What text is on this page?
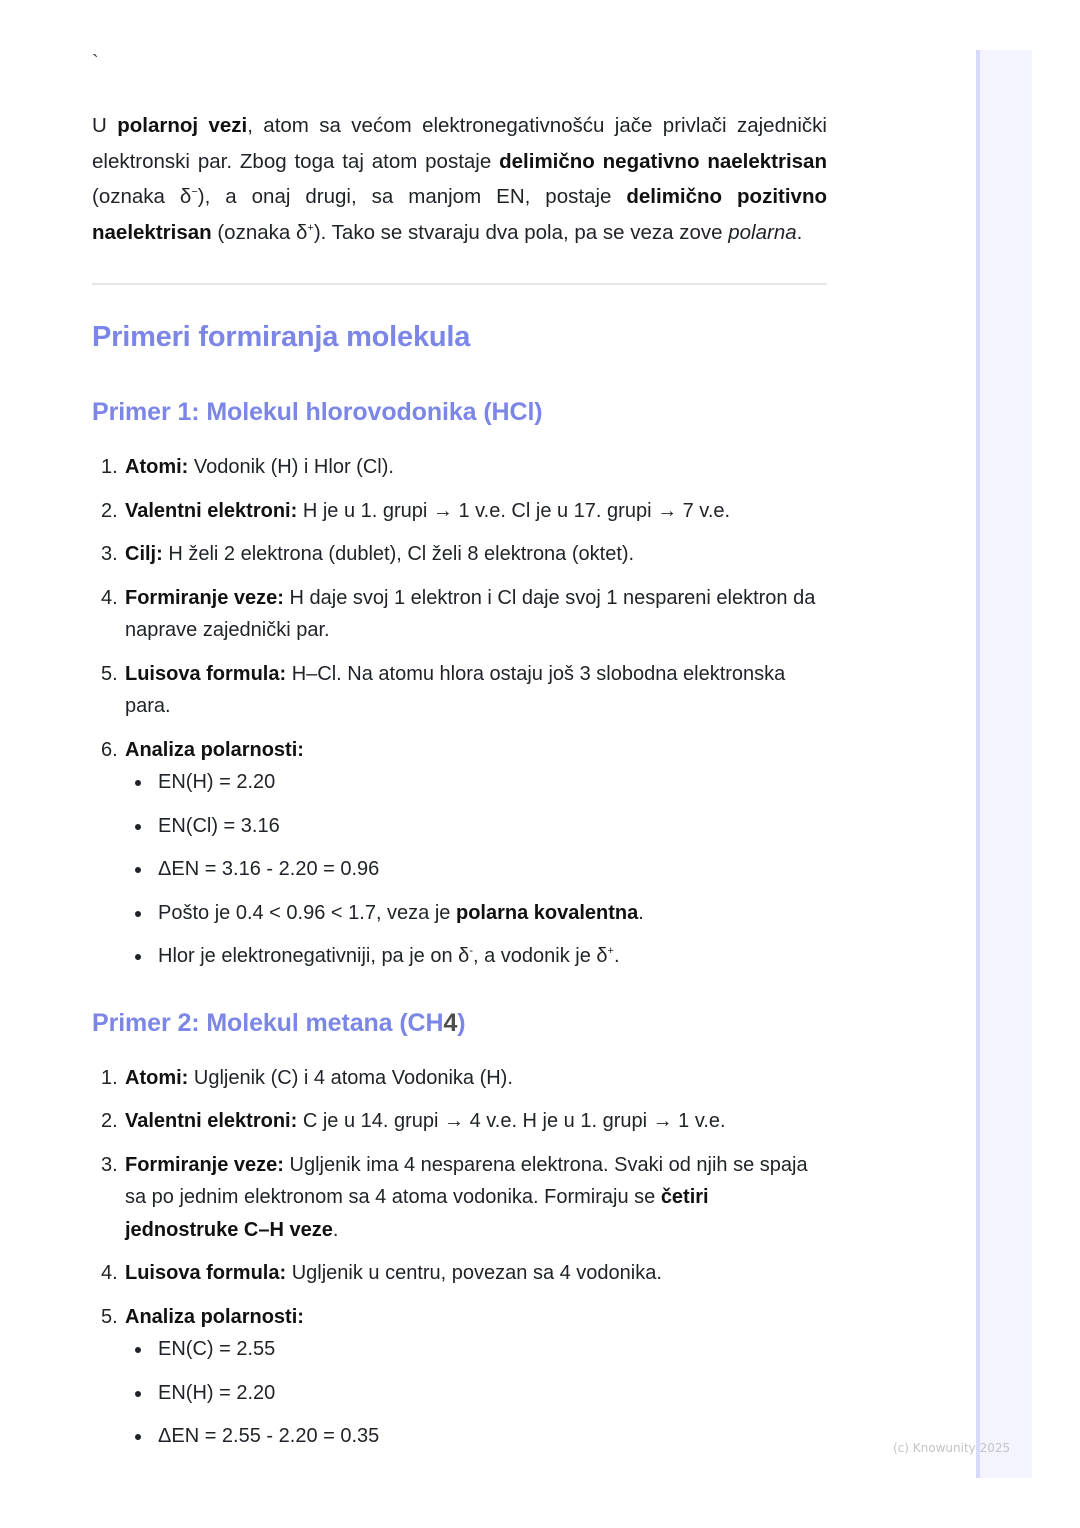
`

U polarnoj vezi, atom sa većom elektronegativnošću jače privlači zajednički elektronski par. Zbog toga taj atom postaje delimično negativno naelektrisan (oznaka δ−), a onaj drugi, sa manjom EN, postaje delimično pozitivno naelektrisan (oznaka δ+). Tako se stvaraju dva pola, pa se veza zove polarna.

Primeri formiranja molekula
Primer 1: Molekul hlorovodonika (HCl)
1. Atomi: Vodonik (H) i Hlor (Cl).
2. Valentni elektroni: H je u 1. grupi → 1 v.e. Cl je u 17. grupi → 7 v.e.
3. Cilj: H želi 2 elektrona (dublet), Cl želi 8 elektrona (oktet).
4. Formiranje veze: H daje svoj 1 elektron i Cl daje svoj 1 nespareni elektron da naprave zajednički par.
5. Luisova formula: H–Cl. Na atomu hlora ostaju još 3 slobodna elektronska para.
6. Analiza polarnosti:
EN(H) = 2.20
EN(Cl) = 3.16
ΔEN = 3.16 - 2.20 = 0.96
Pošto je 0.4 < 0.96 < 1.7, veza je polarna kovalentna.
Hlor je elektronegativniji, pa je on δ-, a vodonik je δ+.
Primer 2: Molekul metana (CH4)
1. Atomi: Ugljenik (C) i 4 atoma Vodonika (H).
2. Valentni elektroni: C je u 14. grupi → 4 v.e. H je u 1. grupi → 1 v.e.
3. Formiranje veze: Ugljenik ima 4 nesparena elektrona. Svaki od njih se spaja sa po jednim elektronom sa 4 atoma vodonika. Formiraju se četiri jednostruke C–H veze.
4. Luisova formula: Ugljenik u centru, povezan sa 4 vodonika.
5. Analiza polarnosti:
EN(C) = 2.55
EN(H) = 2.20
ΔEN = 2.55 - 2.20 = 0.35
(c) Knowunity 2025
